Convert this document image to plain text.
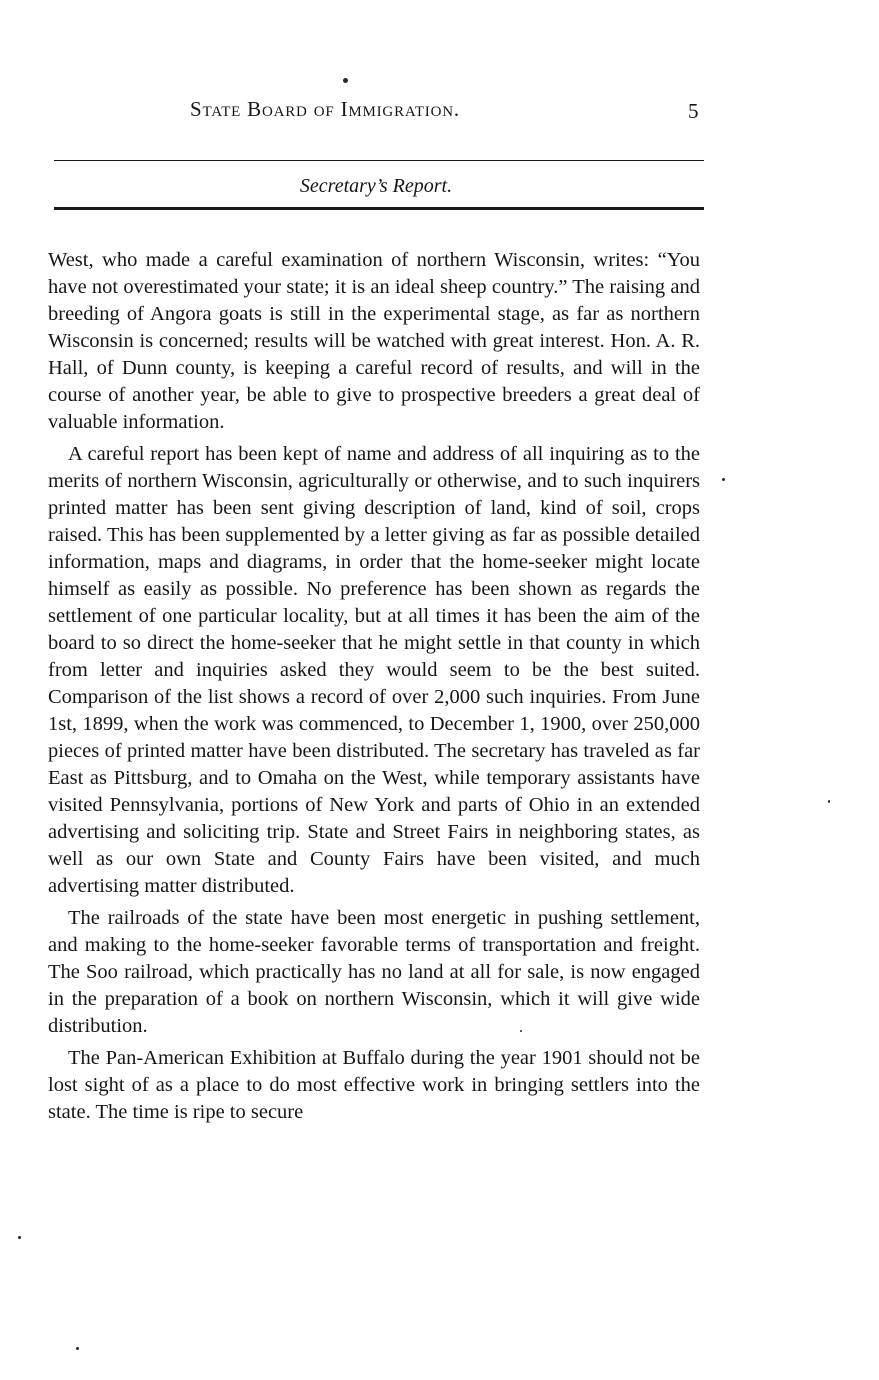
State Board of Immigration.	5
Secretary’s Report.

West, who made a careful examination of northern Wisconsin, writes: “You have not overestimated your state; it is an ideal sheep country.” The raising and breeding of Angora goats is still in the experimental stage, as far as northern Wisconsin is concerned; results will be watched with great interest. Hon. A. R. Hall, of Dunn county, is keeping a careful record of results, and will in the course of another year, be able to give to prospective breeders a great deal of valuable information.

A careful report has been kept of name and address of all inquiring as to the merits of northern Wisconsin, agriculturally or otherwise, and to such inquirers printed matter has been sent giving description of land, kind of soil, crops raised. This has been supplemented by a letter giving as far as possible detailed information, maps and diagrams, in order that the home-seeker might locate himself as easily as possible. No preference has been shown as regards the settlement of one particular locality, but at all times it has been the aim of the board to so direct the home-seeker that he might settle in that county in which from letter and inquiries asked they would seem to be the best suited. Comparison of the list shows a record of over 2,000 such inquiries. From June 1st, 1899, when the work was commenced, to December 1, 1900, over 250,000 pieces of printed matter have been distributed. The secretary has traveled as far East as Pittsburg, and to Omaha on the West, while temporary assistants have visited Pennsylvania, portions of New York and parts of Ohio in an extended advertising and soliciting trip. State and Street Fairs in neighboring states, as well as our own State and County Fairs have been visited, and much advertising matter distributed.

The railroads of the state have been most energetic in pushing settlement, and making to the home-seeker favorable terms of transportation and freight. The Soo railroad, which practically has no land at all for sale, is now engaged in the preparation of a book on northern Wisconsin, which it will give wide distribution.

The Pan-American Exhibition at Buffalo during the year 1901 should not be lost sight of as a place to do most effective work in bringing settlers into the state. The time is ripe to secure
